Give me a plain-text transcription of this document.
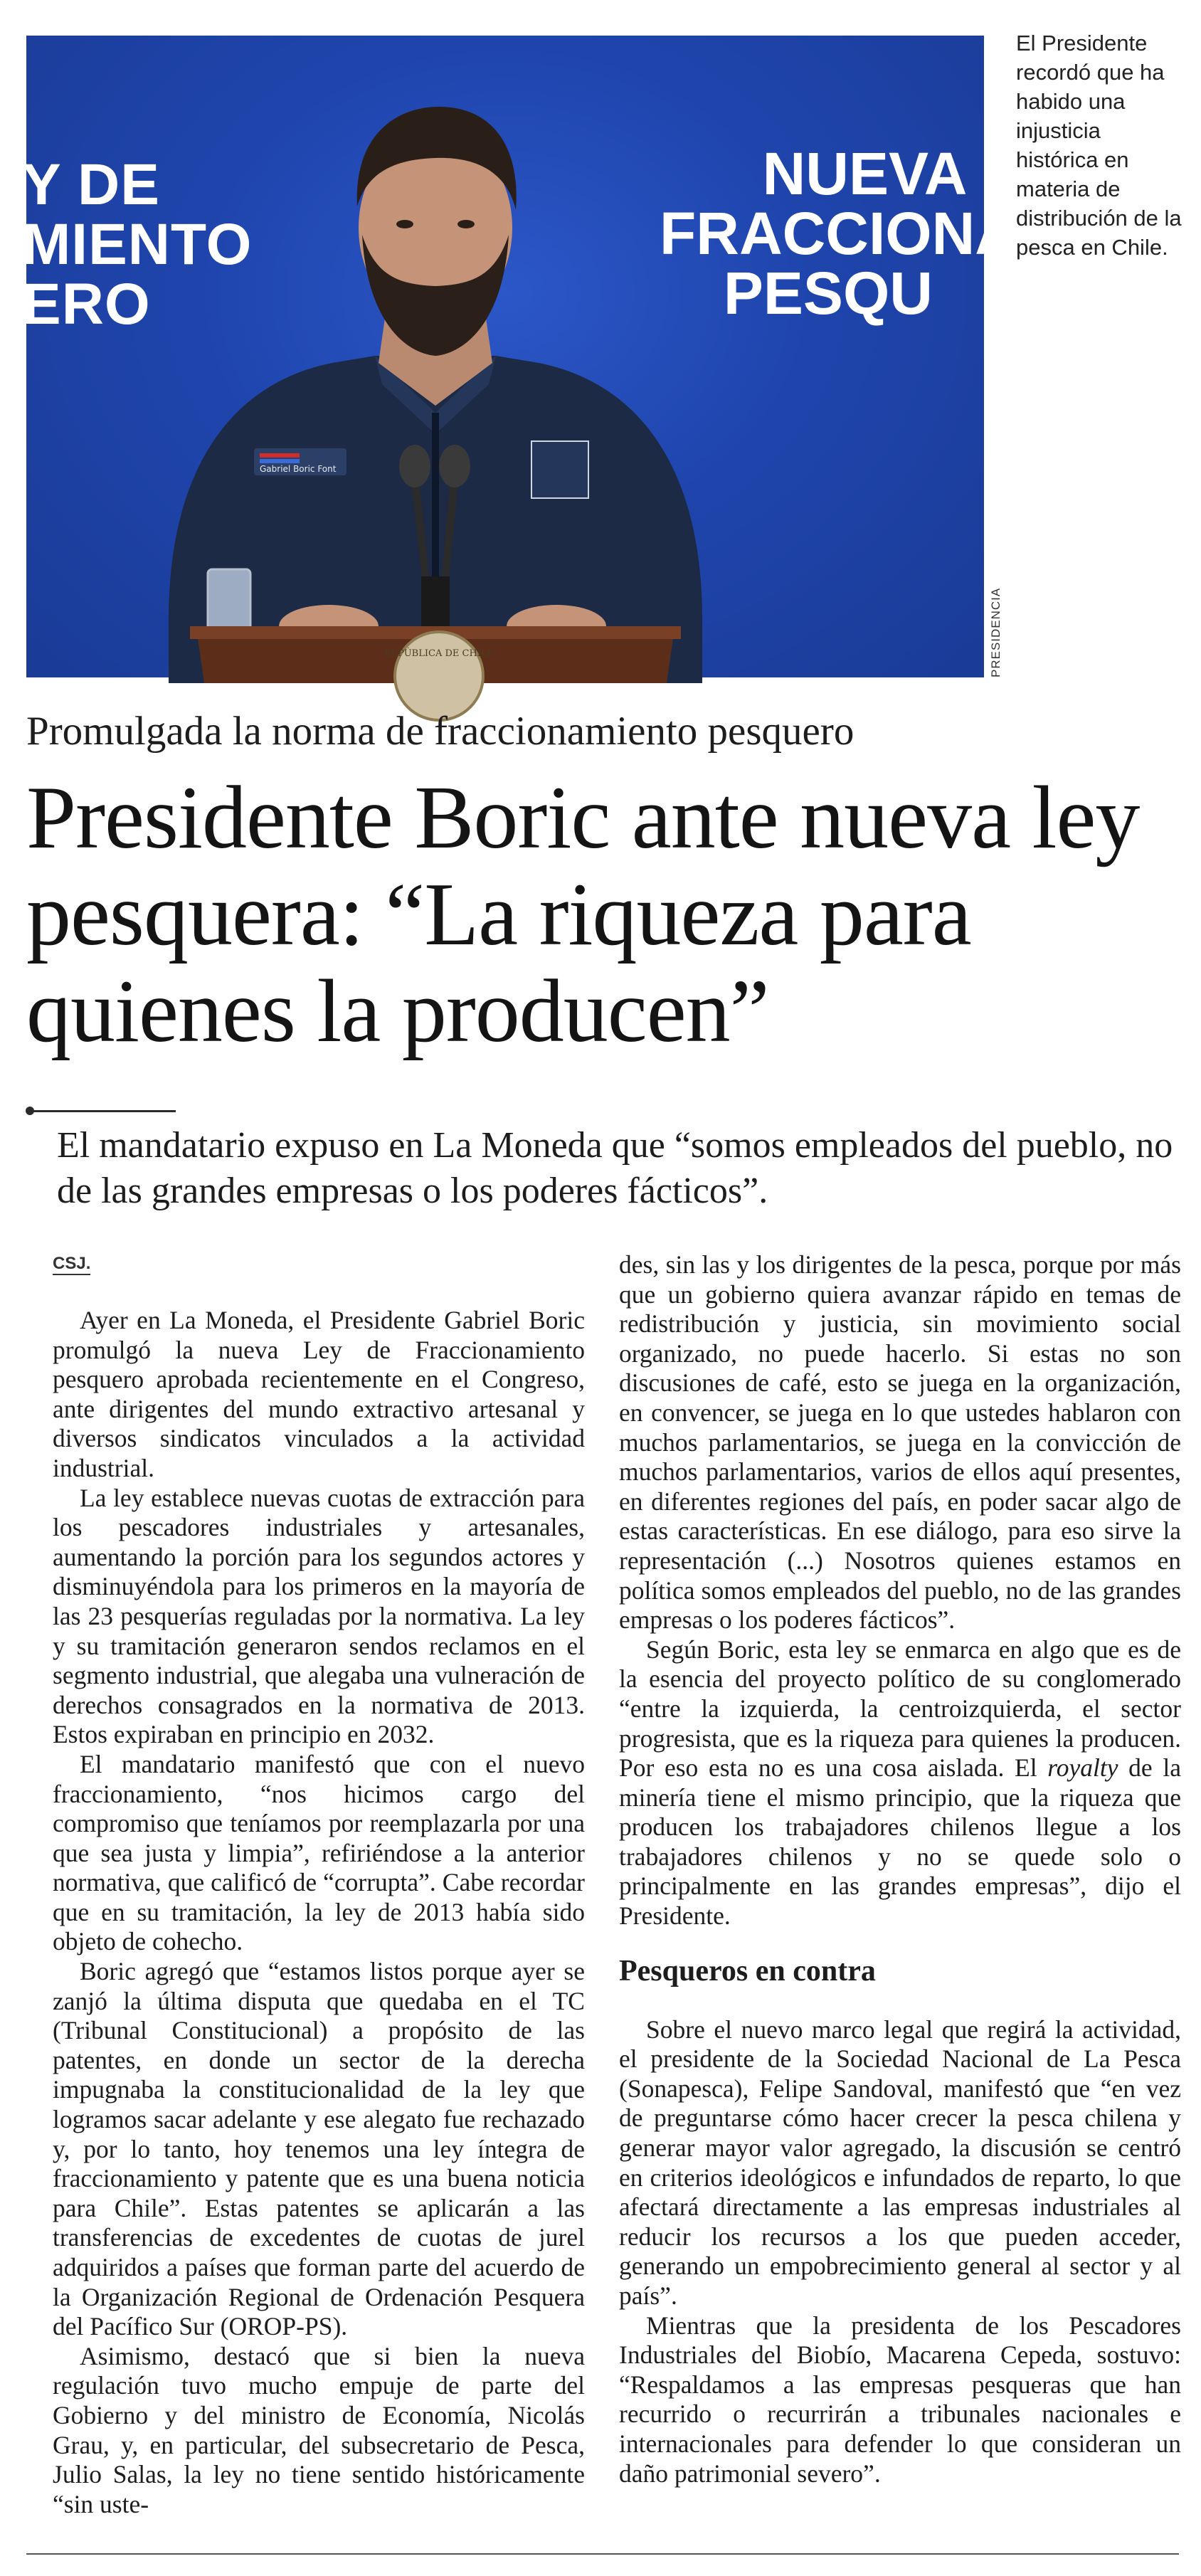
Y DE
MIENTO
ERO
NUEVA L
FRACCIONA
PESQU
Gabriel Boric Font
REPÚBLICA DE CHILE	PRESIDENCIA
El Presidente recordó que ha habido una injusticia histórica en materia de distribución de la pesca en Chile.
Promulgada la norma de fraccionamiento pesquero
Presidente Boric ante nueva ley pesquera: “La riqueza para quienes la producen”
El mandatario expuso en La Moneda que “somos empleados del pueblo, no de las grandes empresas o los poderes fácticos”.
CSJ.

Ayer en La Moneda, el Presidente Gabriel Boric promulgó la nueva Ley de Fraccionamiento pesquero aprobada recientemente en el Congreso, ante dirigentes del mundo extractivo artesanal y diversos sindicatos vinculados a la actividad industrial.

La ley establece nuevas cuotas de extracción para los pescadores industriales y artesanales, aumentando la porción para los segundos actores y disminuyéndola para los primeros en la mayoría de las 23 pesquerías reguladas por la normativa. La ley y su tramitación generaron sendos reclamos en el segmento industrial, que alegaba una vulneración de derechos consagrados en la normativa de 2013. Estos expiraban en principio en 2032.

El mandatario manifestó que con el nuevo fraccionamiento, “nos hicimos cargo del compromiso que teníamos por reemplazarla por una que sea justa y limpia”, refiriéndose a la anterior normativa, que calificó de “corrupta”. Cabe recordar que en su tramitación, la ley de 2013 había sido objeto de cohecho.

Boric agregó que “estamos listos porque ayer se zanjó la última disputa que quedaba en el TC (Tribunal Constitucional) a propósito de las patentes, en donde un sector de la derecha impugnaba la constitucionalidad de la ley que logramos sacar adelante y ese alegato fue rechazado y, por lo tanto, hoy tenemos una ley íntegra de fraccionamiento y patente que es una buena noticia para Chile”. Estas patentes se aplicarán a las transferencias de excedentes de cuotas de jurel adquiridos a países que forman parte del acuerdo de la Organización Regional de Ordenación Pesquera del Pacífico Sur (OROP-PS).

Asimismo, destacó que si bien la nueva regulación tuvo mucho empuje de parte del Gobierno y del ministro de Economía, Nicolás Grau, y, en particular, del subsecretario de Pesca, Julio Salas, la ley no tiene sentido históricamente “sin uste-

des, sin las y los dirigentes de la pesca, porque por más que un gobierno quiera avanzar rápido en temas de redistribución y justicia, sin movimiento social organizado, no puede hacerlo. Si estas no son discusiones de café, esto se juega en la organización, en convencer, se juega en lo que ustedes hablaron con muchos parlamentarios, se juega en la convicción de muchos parlamentarios, varios de ellos aquí presentes, en diferentes regiones del país, en poder sacar algo de estas características. En ese diálogo, para eso sirve la representación (...) Nosotros quienes estamos en política somos empleados del pueblo, no de las grandes empresas o los poderes fácticos”.

Según Boric, esta ley se enmarca en algo que es de la esencia del proyecto político de su conglomerado “entre la izquierda, la centroizquierda, el sector progresista, que es la riqueza para quienes la producen. Por eso esta no es una cosa aislada. El royalty de la minería tiene el mismo principio, que la riqueza que producen los trabajadores chilenos llegue a los trabajadores chilenos y no se quede solo o principalmente en las grandes empresas”, dijo el Presidente.

Pesqueros en contra

Sobre el nuevo marco legal que regirá la actividad, el presidente de la Sociedad Nacional de La Pesca (Sonapesca), Felipe Sandoval, manifestó que “en vez de preguntarse cómo hacer crecer la pesca chilena y generar mayor valor agregado, la discusión se centró en criterios ideológicos e infundados de reparto, lo que afectará directamente a las empresas industriales al reducir los recursos a los que pueden acceder, generando un empobrecimiento general al sector y al país”.

Mientras que la presidenta de los Pescadores Industriales del Biobío, Macarena Cepeda, sostuvo: “Respaldamos a las empresas pesqueras que han recurrido o recurrirán a tribunales nacionales e internacionales para defender lo que consideran un daño patrimonial severo”.
